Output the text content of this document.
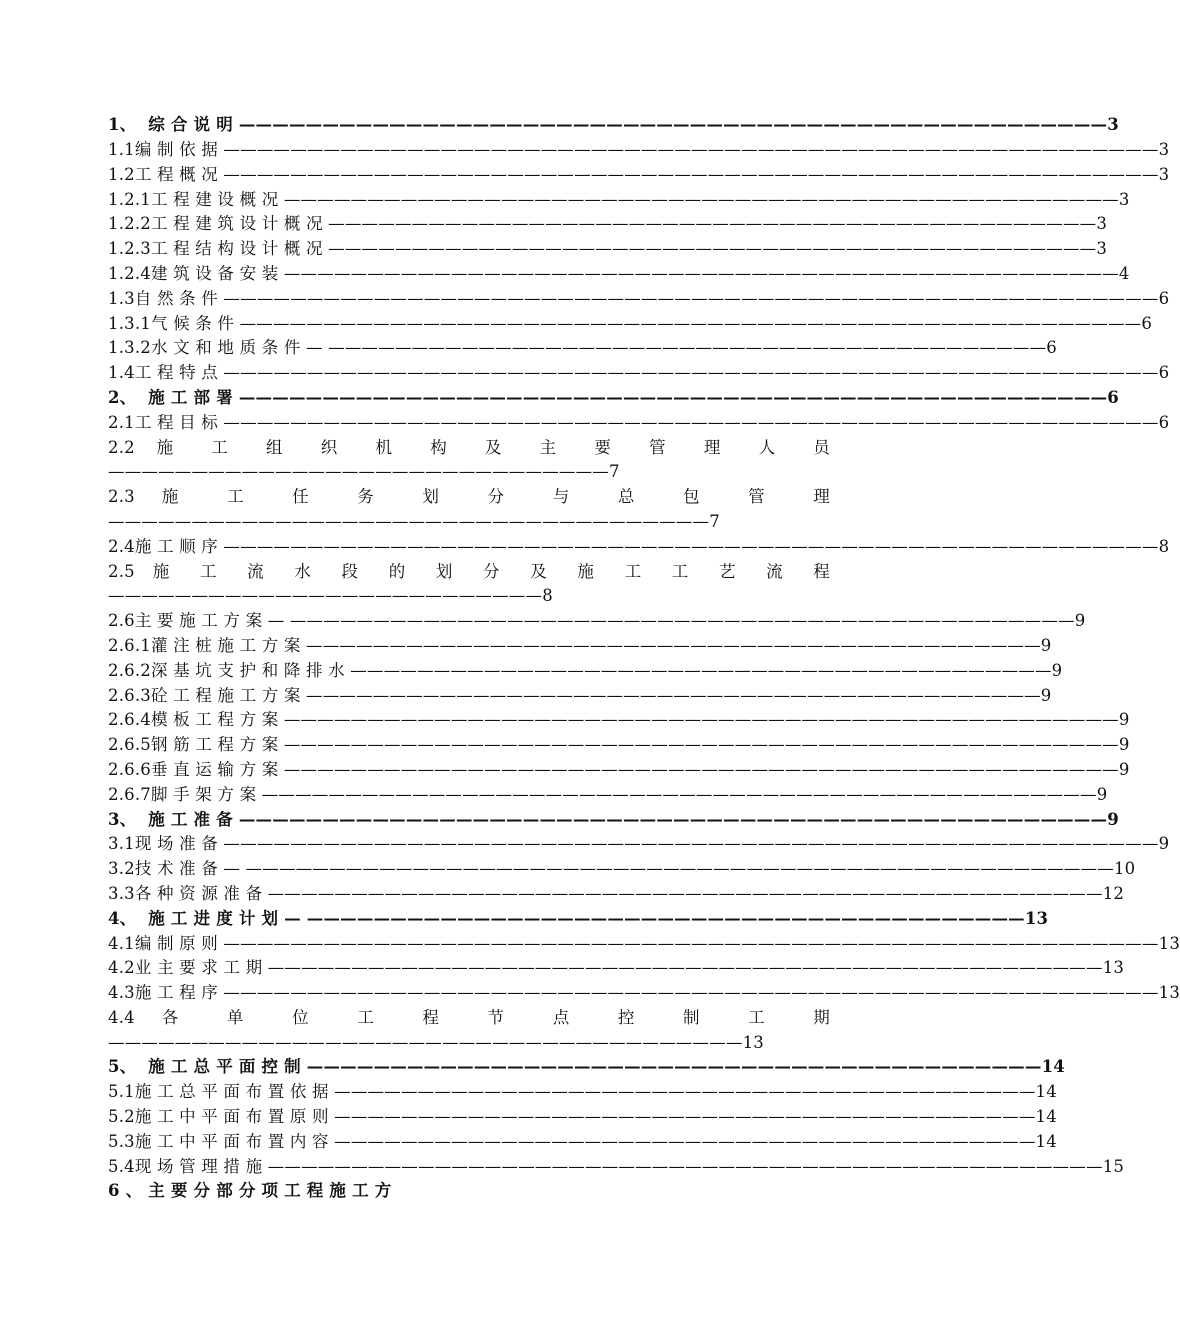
1、  综 合 说 明 ————————————————————————————————————————————————————3
1.1编 制 依 据 ————————————————————————————————————————————————————————3
1.2工 程 概 况 ————————————————————————————————————————————————————————3
1.2.1工 程 建 设 概 况 ——————————————————————————————————————————————————3
1.2.2工 程 建 筑 设 计 概 况 ——————————————————————————————————————————————3
1.2.3工 程 结 构 设 计 概 况 ——————————————————————————————————————————————3
1.2.4建 筑 设 备 安 装 ——————————————————————————————————————————————————4
1.3自 然 条 件 ————————————————————————————————————————————————————————6
1.3.1气 候 条 件 ——————————————————————————————————————————————————————6
1.3.2水 文 和 地 质 条 件 — ———————————————————————————————————————————6
1.4工 程 特 点 ————————————————————————————————————————————————————————6
2、  施 工 部 署 ————————————————————————————————————————————————————6
2.1工 程 目 标 ————————————————————————————————————————————————————————6
2.2 施 工 组 织 机 构 及 主 要 管 理 人 员 ——————————————————————————————7
2.3 施 工 任 务 划 分 与 总 包 管 理 ————————————————————————————————————7
2.4施 工 顺 序 ————————————————————————————————————————————————————————8
2.5 施 工 流 水 段 的 划 分 及 施 工 工 艺 流 程 ——————————————————————————8
2.6主 要 施 工 方 案 — ———————————————————————————————————————————————9
2.6.1灌 注 桩 施 工 方 案 ————————————————————————————————————————————9
2.6.2深 基 坑 支 护 和 降 排 水 ——————————————————————————————————————————9
2.6.3砼 工 程 施 工 方 案 ————————————————————————————————————————————9
2.6.4模 板 工 程 方 案 ——————————————————————————————————————————————————9
2.6.5钢 筋 工 程 方 案 ——————————————————————————————————————————————————9
2.6.6垂 直 运 输 方 案 ——————————————————————————————————————————————————9
2.6.7脚 手 架 方 案 ——————————————————————————————————————————————————9
3、  施 工 准 备 ————————————————————————————————————————————————————9
3.1现 场 准 备 ————————————————————————————————————————————————————————9
3.2技 术 准 备 — ————————————————————————————————————————————————————10
3.3各 种 资 源 准 备 ——————————————————————————————————————————————————12
4、  施 工 进 度 计 划 — ———————————————————————————————————————————13
4.1编 制 原 则 ————————————————————————————————————————————————————————13
4.2业 主 要 求 工 期 ——————————————————————————————————————————————————13
4.3施 工 程 序 ————————————————————————————————————————————————————————13
4.4 各 单 位 工 程 节 点 控 制 工 期 ——————————————————————————————————————13
5、  施 工 总 平 面 控 制 ————————————————————————————————————————————14
5.1施 工 总 平 面 布 置 依 据 ——————————————————————————————————————————14
5.2施 工 中 平 面 布 置 原 则 ——————————————————————————————————————————14
5.3施 工 中 平 面 布 置 内 容 ——————————————————————————————————————————14
5.4现 场 管 理 措 施 ——————————————————————————————————————————————————15
6 、 主 要 分 部 分 项 工 程 施 工 方
